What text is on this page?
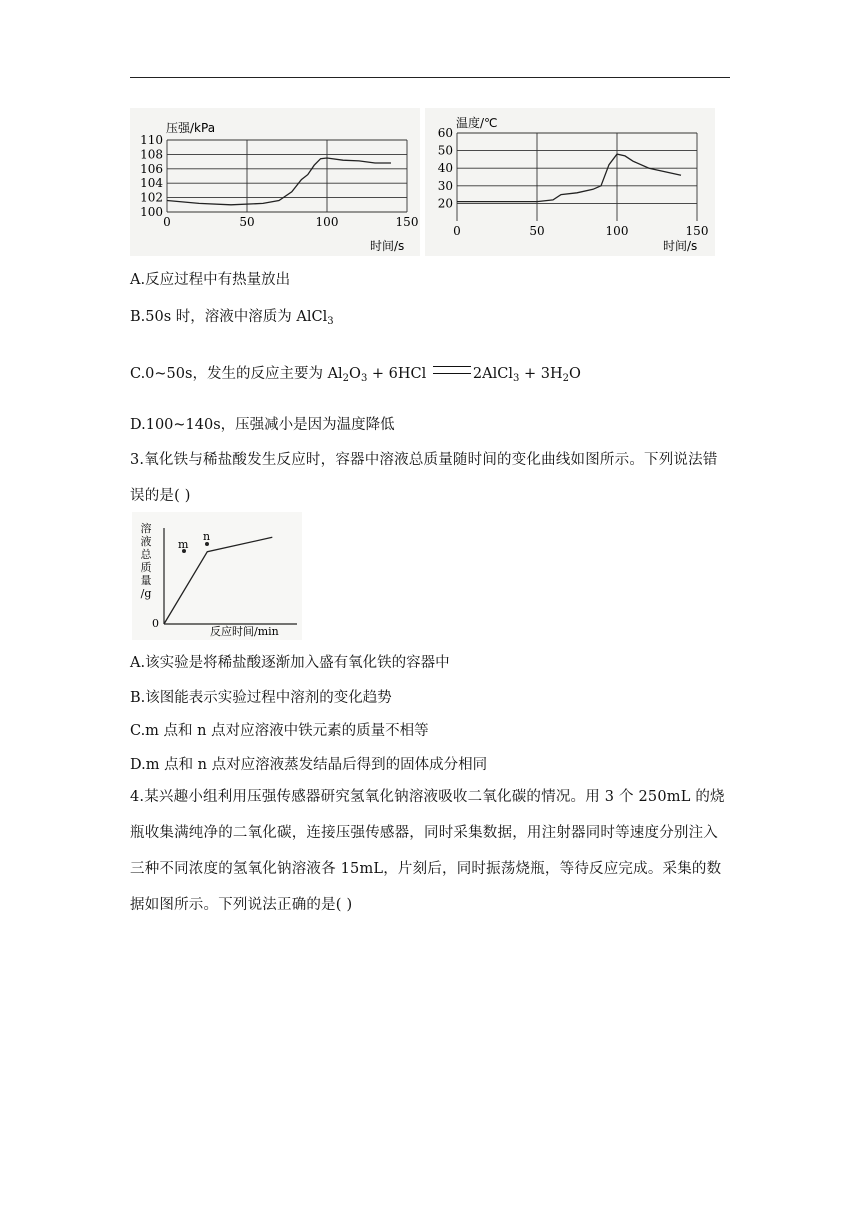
压强/kPa
时间/s
110
108
106
104
102
100
0	50	100	150
温度/℃
时间/s
60
50
40
30
20
0	50	100	150
A.反应过程中有热量放出
B.50s 时，溶液中溶质为 AlCl$_3$
C.0~50s，发生的反应主要为 $Al_2O_3 + 6HCl$	2AlCl$_3$ + $3H_2O$
D.100~140s，压强减小是因为温度降低
3.氧化铁与稀盐酸发生反应时，容器中溶液总质量随时间的变化曲线如图所示。下列说法错误的是( )
溶
液
总
质
量
/g
0
反应时间/min
m
n
A.该实验是将稀盐酸逐渐加入盛有氧化铁的容器中
B.该图能表示实验过程中溶剂的变化趋势
C.m 点和 n 点对应溶液中铁元素的质量不相等
D.m 点和 n 点对应溶液蒸发结晶后得到的固体成分相同
4.某兴趣小组利用压强传感器研究氢氧化钠溶液吸收二氧化碳的情况。用 3 个 250mL 的烧瓶收集满纯净的二氧化碳，连接压强传感器，同时采集数据，用注射器同时等速度分别注入三种不同浓度的氢氧化钠溶液各 15mL，片刻后，同时振荡烧瓶，等待反应完成。采集的数据如图所示。下列说法正确的是( )
